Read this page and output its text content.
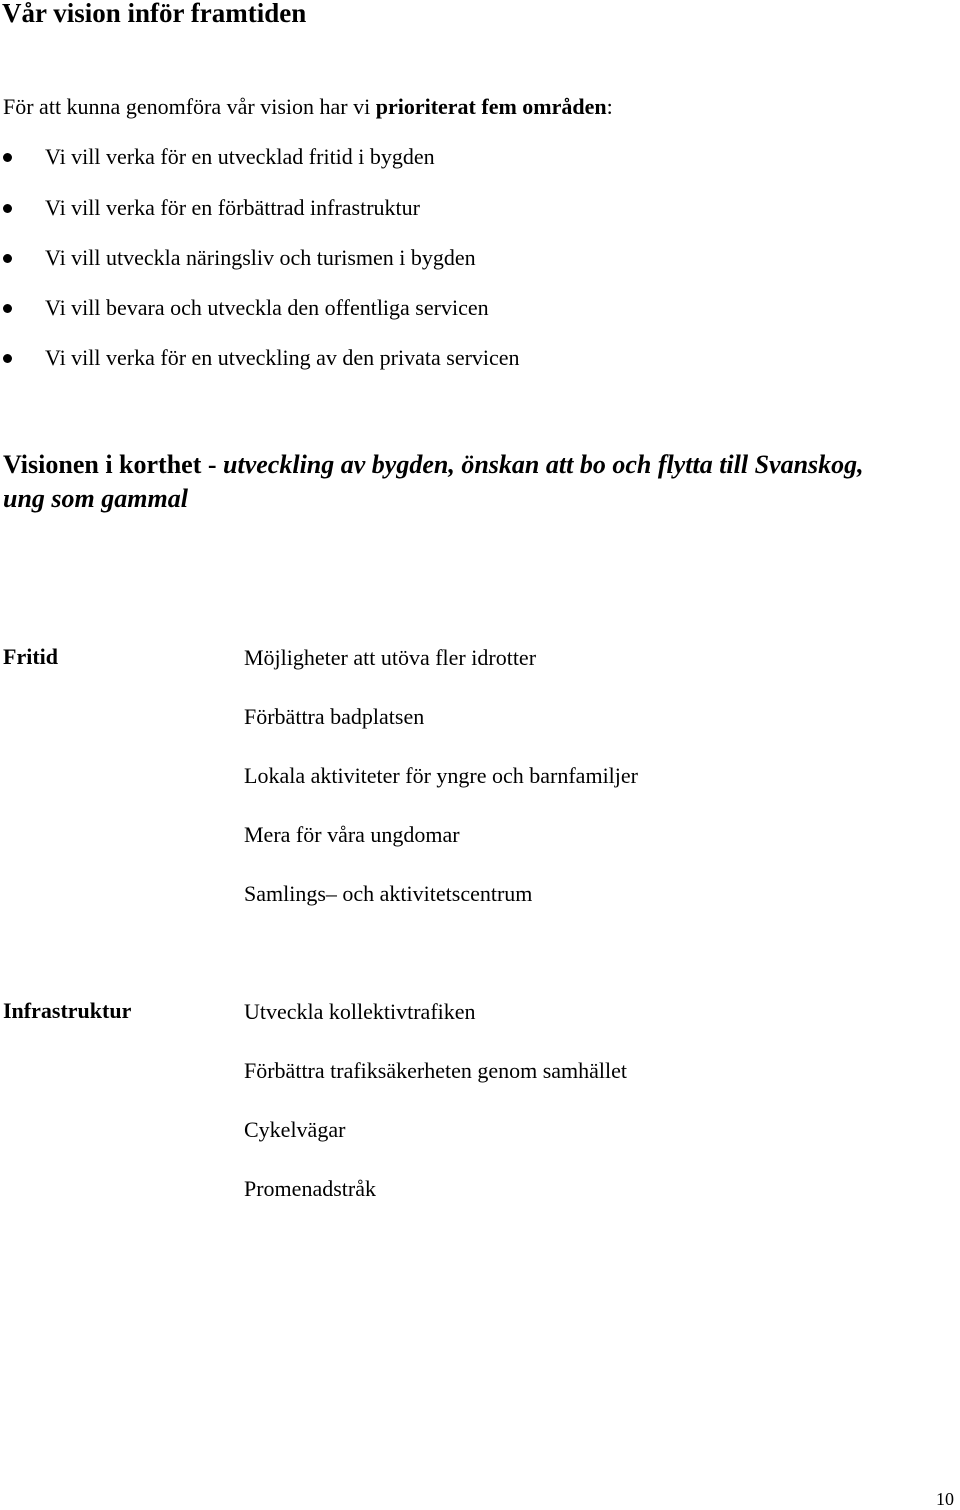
Vår vision inför framtiden
För att kunna genomföra vår vision har vi prioriterat fem områden:
Vi vill verka för en utvecklad fritid i bygden
Vi vill verka för en förbättrad infrastruktur
Vi vill utveckla näringsliv och turismen i bygden
Vi vill bevara och utveckla den offentliga servicen
Vi vill verka för en utveckling av den privata servicen
Visionen i korthet - utveckling av bygden, önskan att bo och flytta till Svanskog, ung som gammal
Fritid	Möjligheter att utöva fler idrotter
Förbättra badplatsen
Lokala aktiviteter för yngre och barnfamiljer
Mera för våra ungdomar
Samlings– och aktivitetscentrum
Infrastruktur	Utveckla kollektivtrafiken
Förbättra trafiksäkerheten genom samhället
Cykelvägar
Promenadstråk
10
